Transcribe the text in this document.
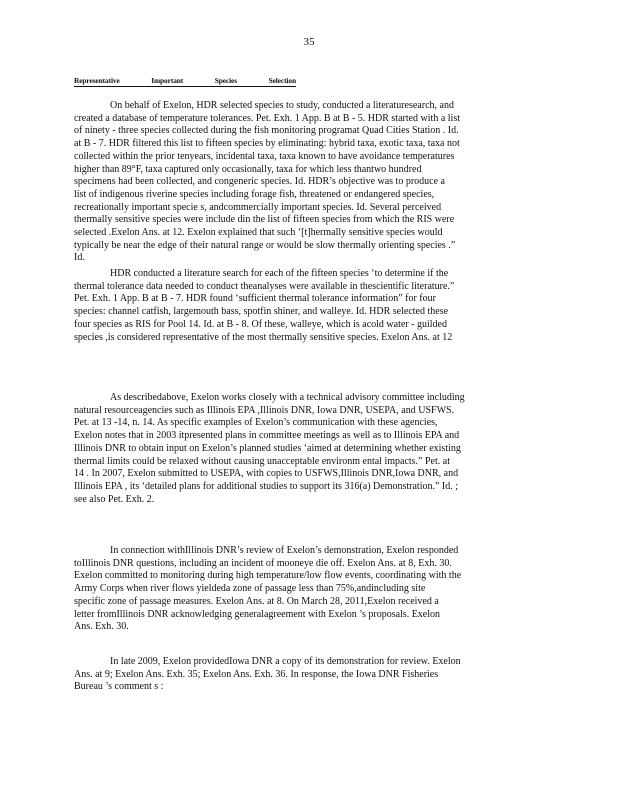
35
Representative	Important	Species	Selection
On behalf of Exelon, HDR selected species to study, conducted a literaturesearch, and
created a database of temperature tolerances. Pet. Exh. 1 App. B at B - 5. HDR started with a list
of ninety - three species collected during the fish monitoring programat Quad Cities Station . Id.
at B - 7. HDR filtered this list to fifteen species by eliminating: hybrid taxa, exotic taxa, taxa not
collected within the prior tenyears, incidental taxa, taxa known to have avoidance temperatures
higher than 89°F, taxa captured only occasionally, taxa for which less thantwo hundred
specimens had been collected, and congeneric species. Id. HDR’s objective was to produce a
list of indigenous riverine species including forage fish, threatened or endangered species,
recreationally important specie s, andcommercially important species. Id. Several perceived
thermally sensitive species were include din the list of fifteen species from which the RIS were
selected .Exelon Ans. at 12. Exelon explained that such ‘[t]hermally sensitive species would
typically be near the edge of their natural range or would be slow thermally orienting species .”
Id.
HDR conducted a literature search for each of the fifteen species ‘to determine if the
thermal tolerance data needed to conduct theanalyses were available in thescientific literature.”
Pet. Exh. 1 App. B at B - 7. HDR found ‘sufficient thermal tolerance information” for four
species: channel catfish, largemouth bass, spotfin shiner, and walleye. Id. HDR selected these
four species as RIS for Pool 14. Id. at B - 8. Of these, walleye, which is acold water - guilded
species ,is considered representative of the most thermally sensitive species. Exelon Ans. at 12
As describedabove, Exelon works closely with a technical advisory committee including
natural resourceagencies such as Illinois EPA ,Illinois DNR, Iowa DNR, USEPA, and USFWS.
Pet. at 13 -14, n. 14. As specific examples of Exelon’s communication with these agencies,
Exelon notes that in 2003 itpresented plans in committee meetings as well as to Illinois EPA and
Illinois DNR to obtain input on Exelon’s planned studies ‘aimed at determining whether existing
thermal limits could be relaxed without causing unacceptable environm ental impacts.” Pet. at
14 . In 2007, Exelon submitted to USEPA, with copies to USFWS,Illinois DNR,Iowa DNR, and
Illinois EPA , its ‘detailed plans for additional studies to support its 316(a) Demonstration.” Id. ;
see also Pet. Exh. 2.
In connection withIllinois DNR’s review of Exelon’s demonstration, Exelon responded
toIllinois DNR questions, including an incident of mooneye die off. Exelon Ans. at 8, Exh. 30.
Exelon committed to monitoring during high temperature/low flow events, coordinating with the
Army Corps when river flows yieldeda zone of passage less than 75%,andincluding site
specific zone of passage measures. Exelon Ans. at 8. On March 28, 2011,Exelon received a
letter fromIllinois DNR acknowledging generalagreement with Exelon ’s proposals. Exelon
Ans. Exh. 30.
In late 2009, Exelon providedIowa DNR a copy of its demonstration for review. Exelon
Ans. at 9; Exelon Ans. Exh. 35; Exelon Ans. Exh. 36. In response, the Iowa DNR Fisheries
Bureau ’s comment s :
